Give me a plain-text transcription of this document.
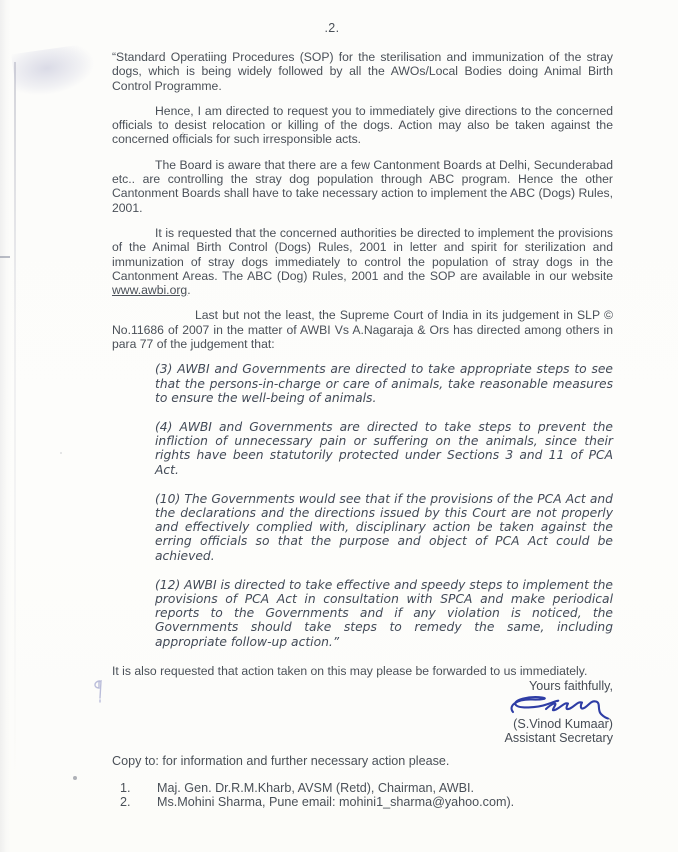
.2.

“Standard Operatiing Procedures (SOP) for the sterilisation and immunization of the stray dogs, which is being widely followed by all the AWOs/Local Bodies doing Animal Birth Control Programme.

Hence, I am directed to request you to immediately give directions to the concerned officials to desist relocation or killing of the dogs. Action may also be taken against the concerned officials for such irresponsible acts.

The Board is aware that there are a few Cantonment Boards at Delhi, Secunderabad etc.. are controlling the stray dog population through ABC program. Hence the other Cantonment Boards shall have to take necessary action to implement the ABC (Dogs) Rules, 2001.

It is requested that the concerned authorities be directed to implement the provisions of the Animal Birth Control (Dogs) Rules, 2001 in letter and spirit for sterilization and immunization of stray dogs immediately to control the population of stray dogs in the Cantonment Areas. The ABC (Dog) Rules, 2001 and the SOP are available in our website www.awbi.org.

Last but not the least, the Supreme Court of India in its judgement in SLP © No.11686 of 2007 in the matter of AWBI Vs A.Nagaraja & Ors has directed among others in para 77 of the judgement that:

(3) AWBI and Governments are directed to take appropriate steps to see that the persons-in-charge or care of animals, take reasonable measures to ensure the well-being of animals.

(4) AWBI and Governments are directed to take steps to prevent the infliction of unnecessary pain or suffering on the animals, since their rights have been statutorily protected under Sections 3 and 11 of PCA Act.

(10) The Governments would see that if the provisions of the PCA Act and the declarations and the directions issued by this Court are not properly and effectively complied with, disciplinary action be taken against the erring officials so that the purpose and object of PCA Act could be achieved.

(12) AWBI is directed to take effective and speedy steps to implement the provisions of PCA Act in consultation with SPCA and make periodical reports to the Governments and if any violation is noticed, the Governments should take steps to remedy the same, including appropriate follow-up action.”

It is also requested that action taken on this may please be forwarded to us immediately.

Yours faithfully,
(S.Vinod Kumaar)
Assistant Secretary
Copy to: for information and further necessary action please.
1.	Maj. Gen. Dr.R.M.Kharb, AVSM (Retd), Chairman, AWBI.
2.	Ms.Mohini Sharma, Pune email: mohini1_sharma@yahoo.com).
